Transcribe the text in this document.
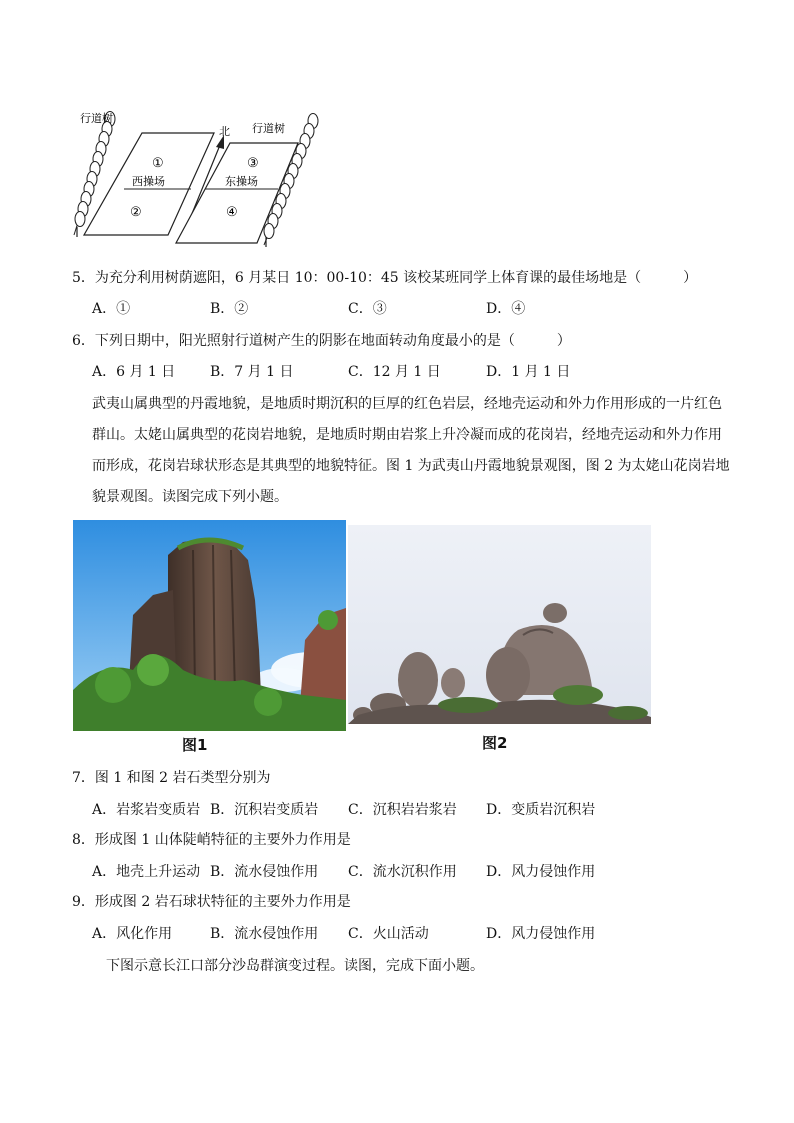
行道树
行道树
北
①
西操场
②
③
东操场
④
5．为充分利用树荫遮阳，6 月某日 10：00-10：45 该校某班同学上体育课的最佳场地是（　　　）
A．①	B．②	C．③	D．④
6．下列日期中，阳光照射行道树产生的阴影在地面转动角度最小的是（　　　）
A．6 月 1 日 B．7 月 1 日	C．12 月 1 日	D．1 月 1 日
武夷山属典型的丹霞地貌，是地质时期沉积的巨厚的红色岩层，经地壳运动和外力作用形成的一片红色
群山。太姥山属典型的花岗岩地貌，是地质时期由岩浆上升冷凝而成的花岗岩，经地壳运动和外力作用
而形成，花岗岩球状形态是其典型的地貌特征。图 1 为武夷山丹霞地貌景观图，图 2 为太姥山花岗岩地
貌景观图。读图完成下列小题。
图1	图2
7．图 1 和图 2 岩石类型分别为
A．岩浆岩变质岩 B．沉积岩变质岩 C．沉积岩岩浆岩 D．变质岩沉积岩
8．形成图 1 山体陡峭特征的主要外力作用是
A．地壳上升运动 B．流水侵蚀作用 C．流水沉积作用 D．风力侵蚀作用
9．形成图 2 岩石球状特征的主要外力作用是
A．风化作用	B．流水侵蚀作用 C．火山活动	D．风力侵蚀作用
下图示意长江口部分沙岛群演变过程。读图，完成下面小题。
